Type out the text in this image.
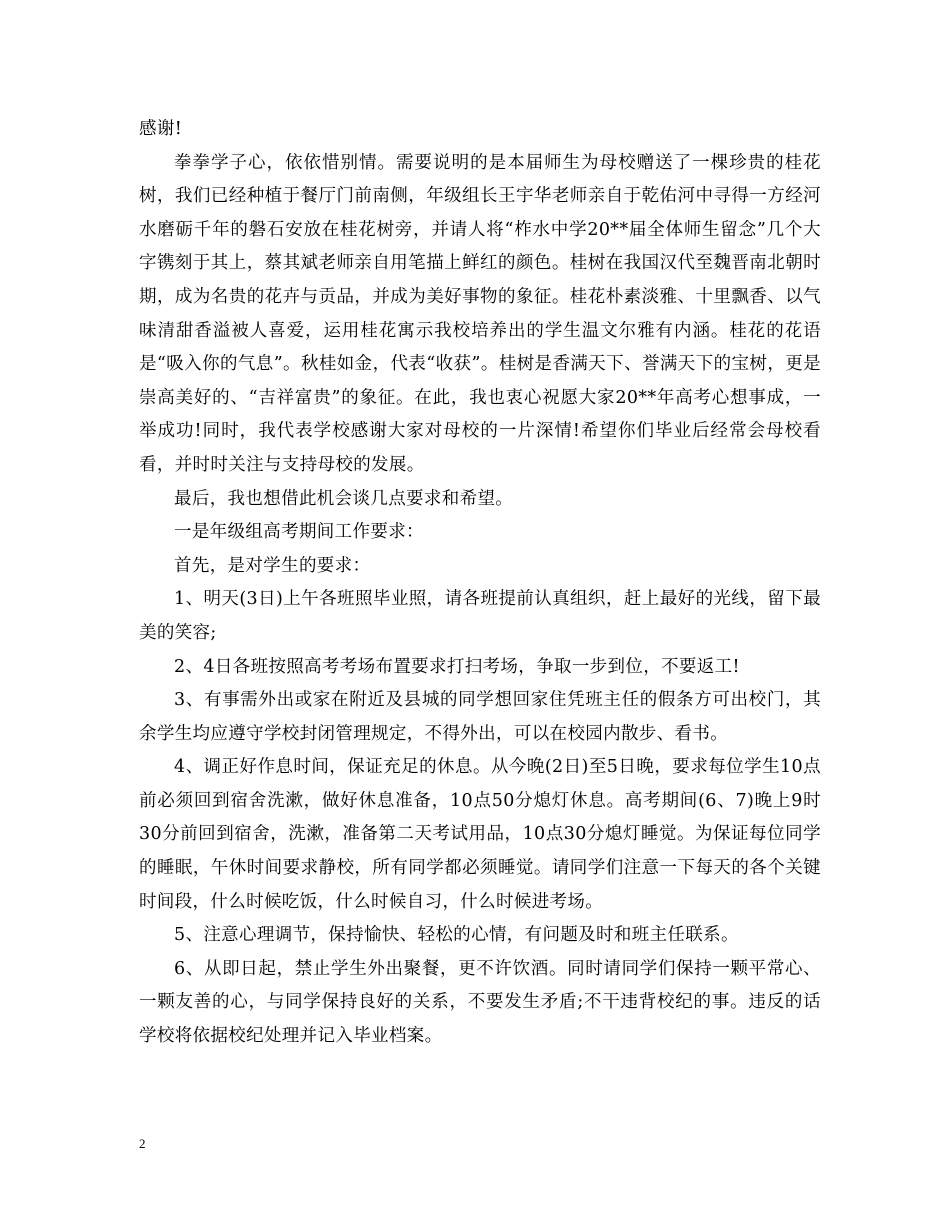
感谢!

拳拳学子心，依依惜别情。需要说明的是本届师生为母校赠送了一棵珍贵的桂花树，我们已经种植于餐厅门前南侧，年级组长王宇华老师亲自于乾佑河中寻得一方经河水磨砺千年的磐石安放在桂花树旁，并请人将“柞水中学20**届全体师生留念”几个大字镌刻于其上，蔡其斌老师亲自用笔描上鲜红的颜色。桂树在我国汉代至魏晋南北朝时期，成为名贵的花卉与贡品，并成为美好事物的象征。桂花朴素淡雅、十里飘香、以气味清甜香溢被人喜爱，运用桂花寓示我校培养出的学生温文尔雅有内涵。桂花的花语是“吸入你的气息”。秋桂如金，代表“收获”。桂树是香满天下、誉满天下的宝树，更是崇高美好的、“吉祥富贵”的象征。在此，我也衷心祝愿大家20**年高考心想事成，一举成功!同时，我代表学校感谢大家对母校的一片深情!希望你们毕业后经常会母校看看，并时时关注与支持母校的发展。

最后，我也想借此机会谈几点要求和希望。

一是年级组高考期间工作要求：

首先，是对学生的要求：

1、明天(3日)上午各班照毕业照，请各班提前认真组织，赶上最好的光线，留下最美的笑容;

2、4日各班按照高考考场布置要求打扫考场，争取一步到位，不要返工!

3、有事需外出或家在附近及县城的同学想回家住凭班主任的假条方可出校门，其余学生均应遵守学校封闭管理规定，不得外出，可以在校园内散步、看书。

4、调正好作息时间，保证充足的休息。从今晚(2日)至5日晚，要求每位学生10点前必须回到宿舍洗漱，做好休息准备，10点50分熄灯休息。高考期间(6、7)晚上9时30分前回到宿舍，洗漱，准备第二天考试用品，10点30分熄灯睡觉。为保证每位同学的睡眠，午休时间要求静校，所有同学都必须睡觉。请同学们注意一下每天的各个关键时间段，什么时候吃饭，什么时候自习，什么时候进考场。

5、注意心理调节，保持愉快、轻松的心情，有问题及时和班主任联系。

6、从即日起，禁止学生外出聚餐，更不许饮酒。同时请同学们保持一颗平常心、一颗友善的心，与同学保持良好的关系，不要发生矛盾;不干违背校纪的事。违反的话学校将依据校纪处理并记入毕业档案。

2
